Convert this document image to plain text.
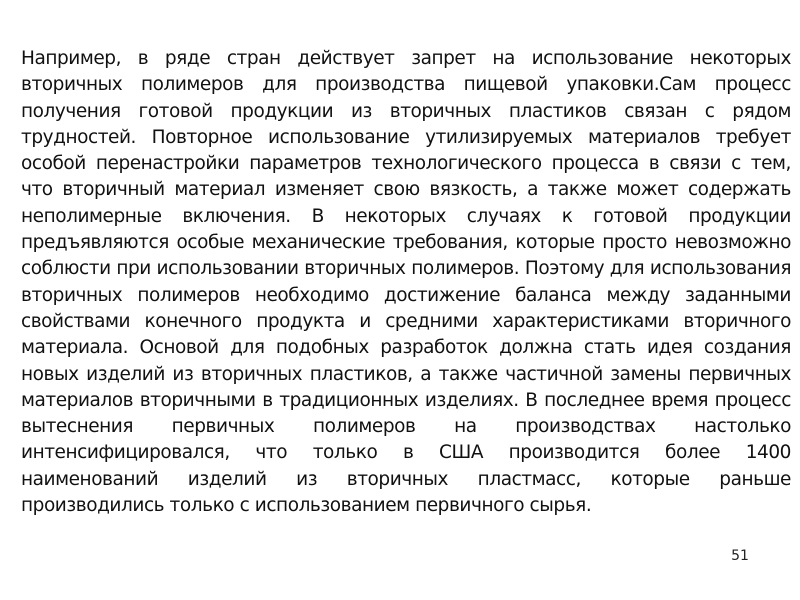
Например, в ряде стран действует запрет на использование некоторых вторичных полимеров для производства пищевой упаковки.Сам процесс получения готовой продукции из вторичных пластиков связан с рядом трудностей. Повторное использование утилизируемых материалов требует особой перенастройки параметров технологического процесса в связи с тем, что вторичный материал изменяет свою вязкость, а также может содержать неполимерные включения. В некоторых случаях к готовой продукции предъявляются особые механические требования, которые просто невозможно соблюсти при использовании вторичных полимеров. Поэтому для использования вторичных полимеров необходимо достижение баланса между заданными свойствами конечного продукта и средними характеристиками вторичного материала. Основой для подобных разработок должна стать идея создания новых изделий из вторичных пластиков, а также частичной замены первичных материалов вторичными в традиционных изделиях. В последнее время процесс вытеснения первичных полимеров на производствах настолько интенсифицировался, что только в США производится более 1400 наименований изделий из вторичных пластмасс, которые раньше производились только с использованием первичного сырья.

51
